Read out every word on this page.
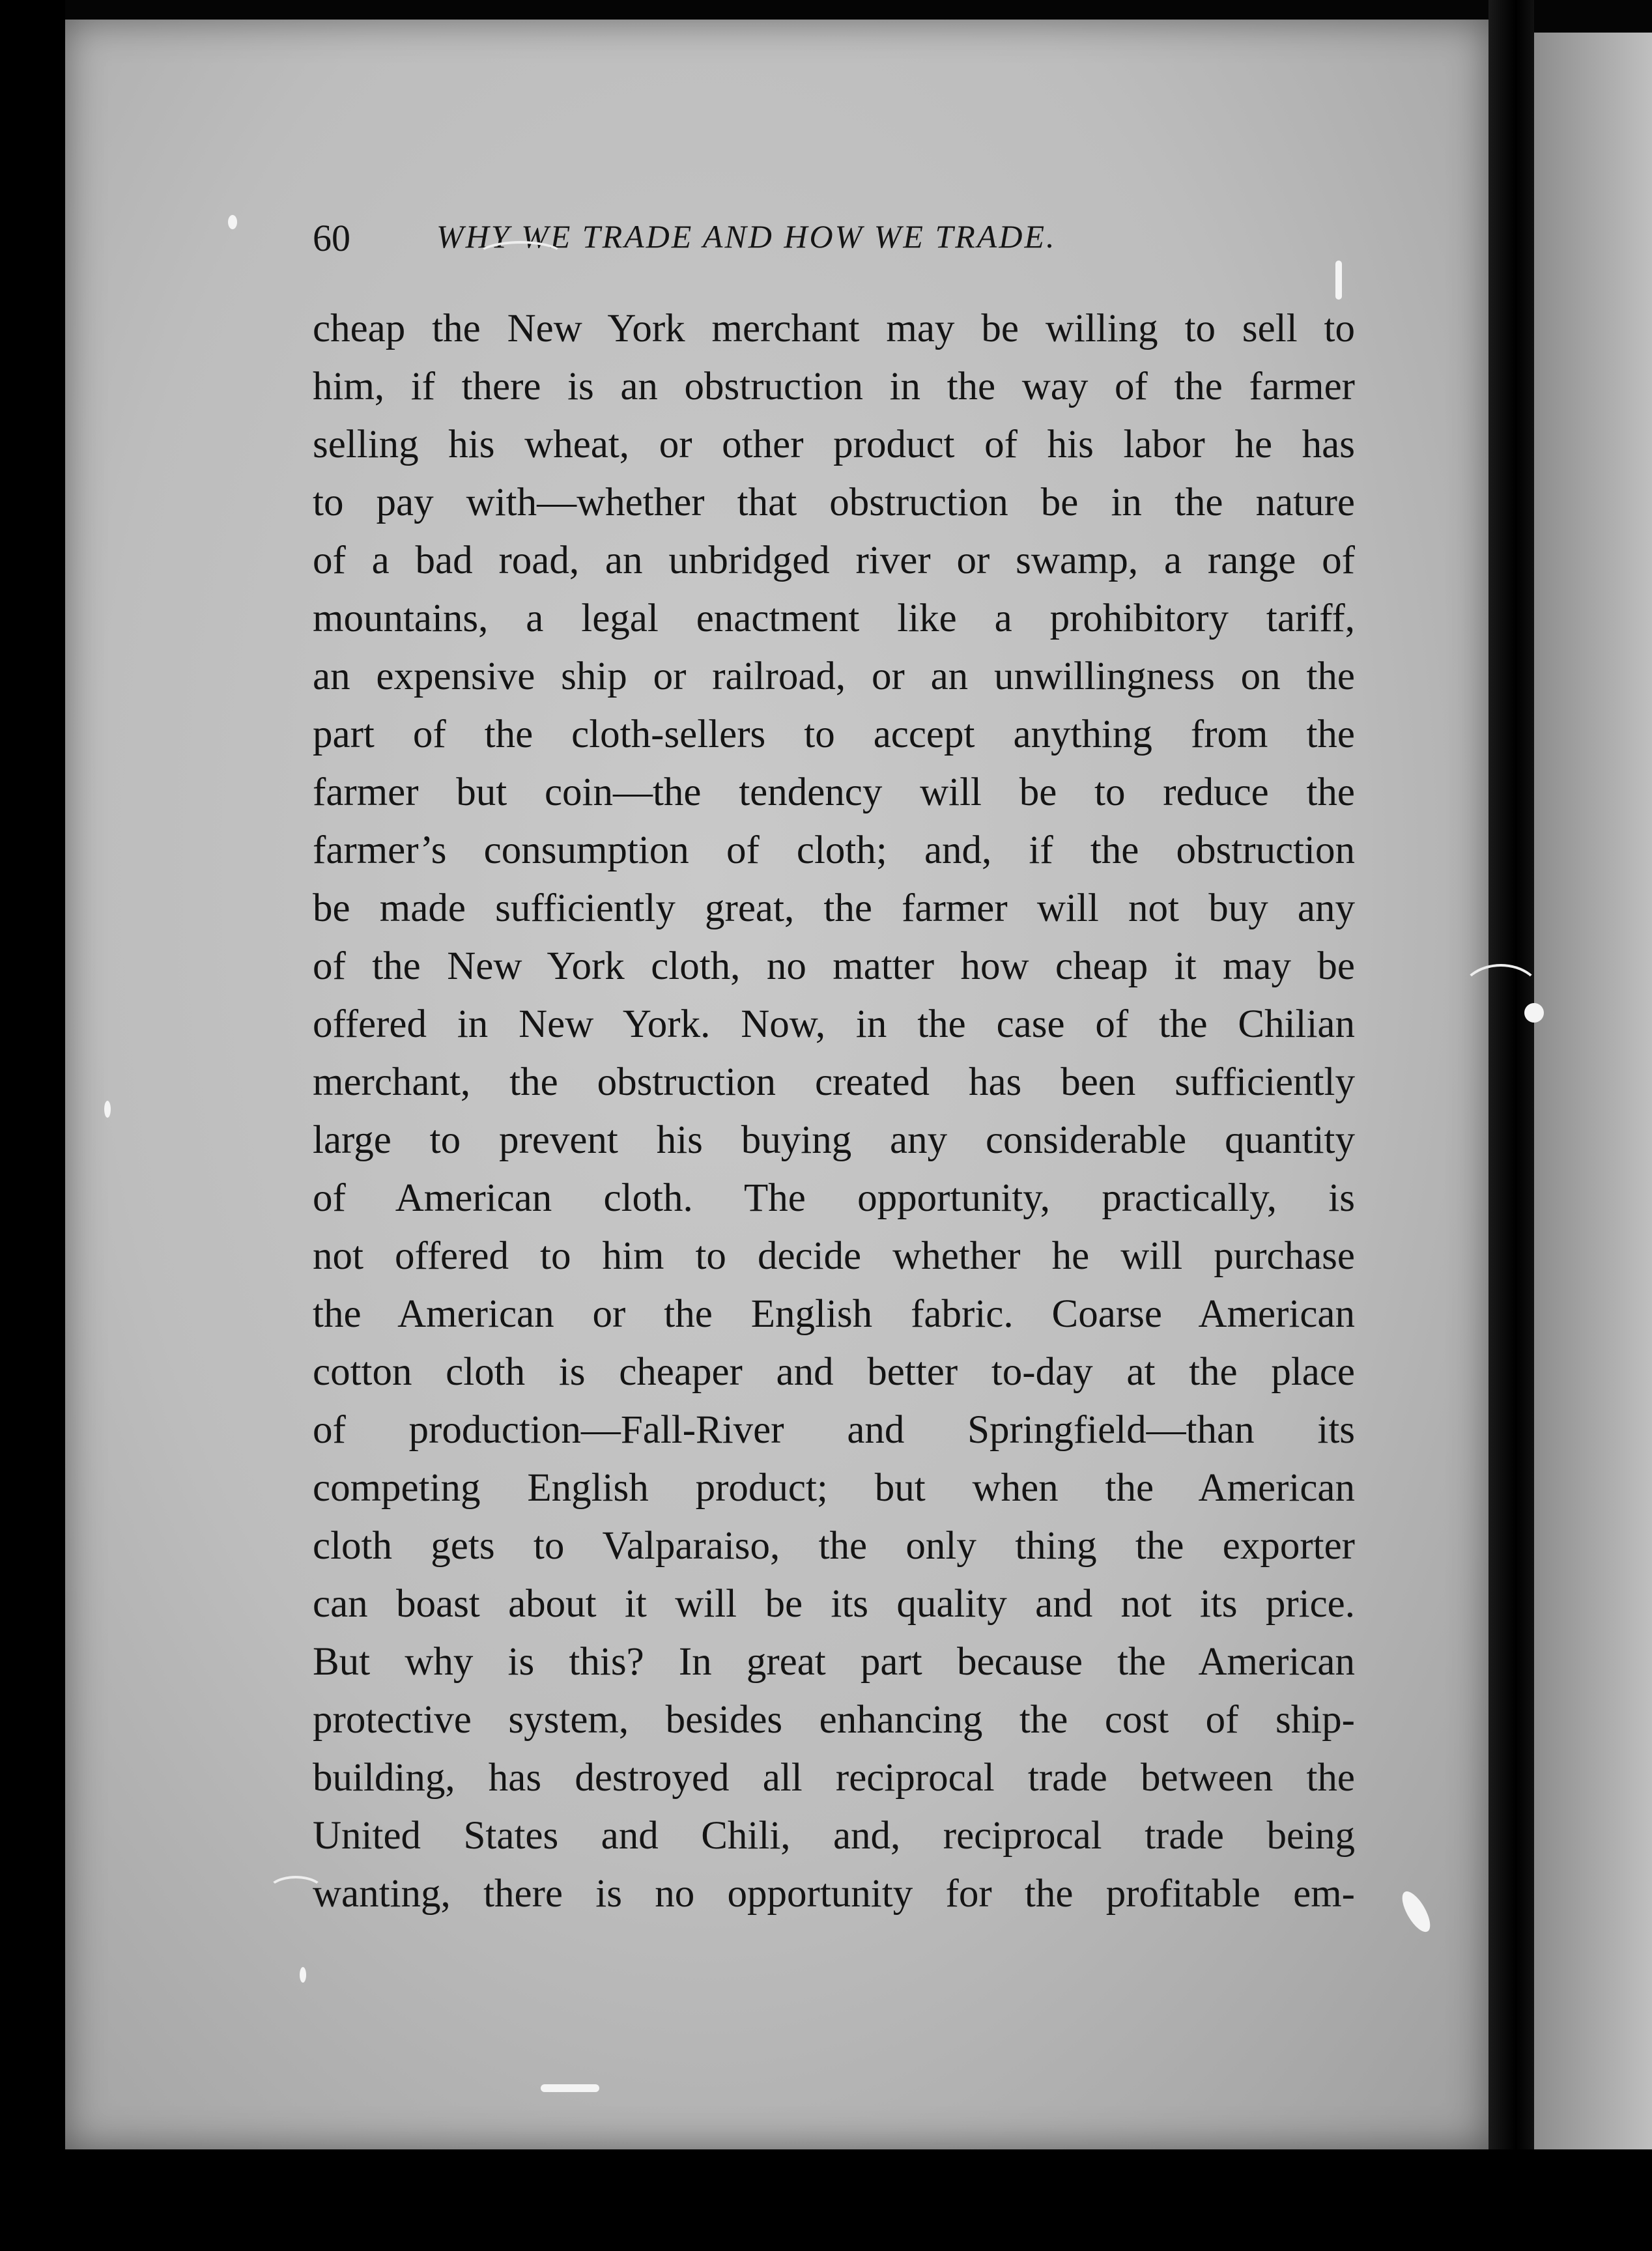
60	WHY WE TRADE AND HOW WE TRADE.
cheap the New York merchant may be willing to sell to
him, if there is an obstruction in the way of the farmer
selling his wheat, or other product of his labor he has
to pay with—whether that obstruction be in the nature
of a bad road, an unbridged river or swamp, a range of
mountains, a legal enactment like a prohibitory tariff,
an expensive ship or railroad, or an unwillingness on the
part of the cloth-sellers to accept anything from the
farmer but coin—the tendency will be to reduce the
farmer’s consumption of cloth; and, if the obstruction
be made sufficiently great, the farmer will not buy any
of the New York cloth, no matter how cheap it may be
offered in New York. Now, in the case of the Chilian
merchant, the obstruction created has been sufficiently
large to prevent his buying any considerable quantity
of American cloth. The opportunity, practically, is
not offered to him to decide whether he will purchase
the American or the English fabric. Coarse American
cotton cloth is cheaper and better to-day at the place
of production—Fall-River and Springfield—than its
competing English product; but when the American
cloth gets to Valparaiso, the only thing the exporter
can boast about it will be its quality and not its price.
But why is this? In great part because the American
protective system, besides enhancing the cost of ship-
building, has destroyed all reciprocal trade between the
United States and Chili, and, reciprocal trade being
wanting, there is no opportunity for the profitable em-
